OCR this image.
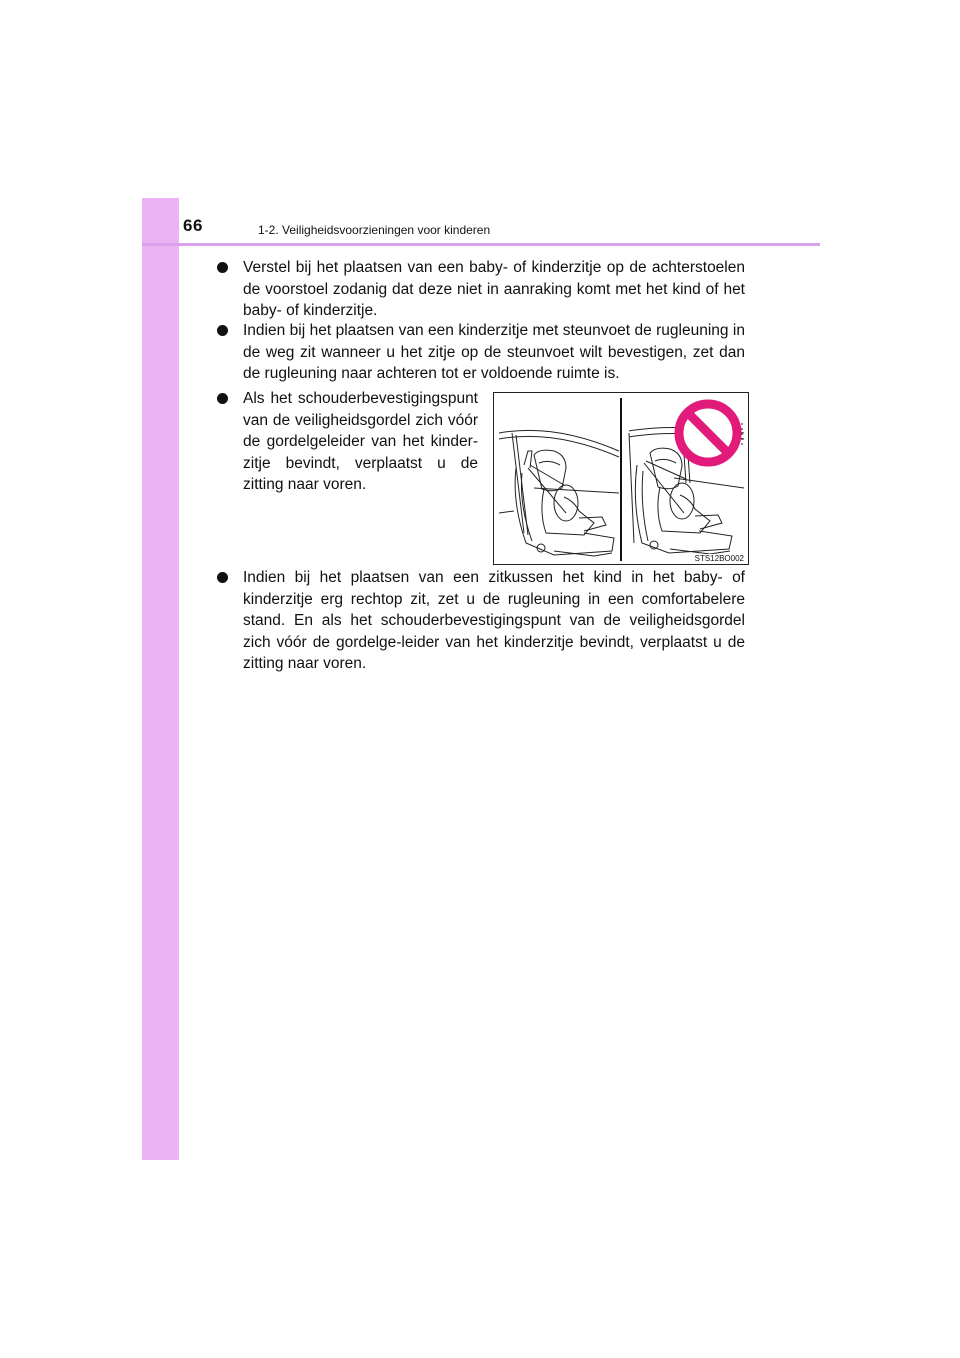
66	1-2. Veiligheidsvoorzieningen voor kinderen
Verstel bij het plaatsen van een baby- of kinderzitje op de achterstoelen de voorstoel zodanig dat deze niet in aanraking komt met het kind of het baby- of kinderzitje.
Indien bij het plaatsen van een kinderzitje met steunvoet de rugleuning in de weg zit wanneer u het zitje op de steunvoet wilt bevestigen, zet dan de rugleuning naar achteren tot er voldoende ruimte is.
Als het schouderbevestigingspunt van de veiligheidsgordel zich vóór de gordelgeleider van het kinder-zitje bevindt, verplaatst u de zitting naar voren.
STS12BO002
Indien bij het plaatsen van een zitkussen het kind in het baby- of kinderzitje erg rechtop zit, zet u de rugleuning in een comfortabelere stand. En als het schouderbevestigingspunt van de veiligheidsgordel zich vóór de gordelge-leider van het kinderzitje bevindt, verplaatst u de zitting naar voren.
